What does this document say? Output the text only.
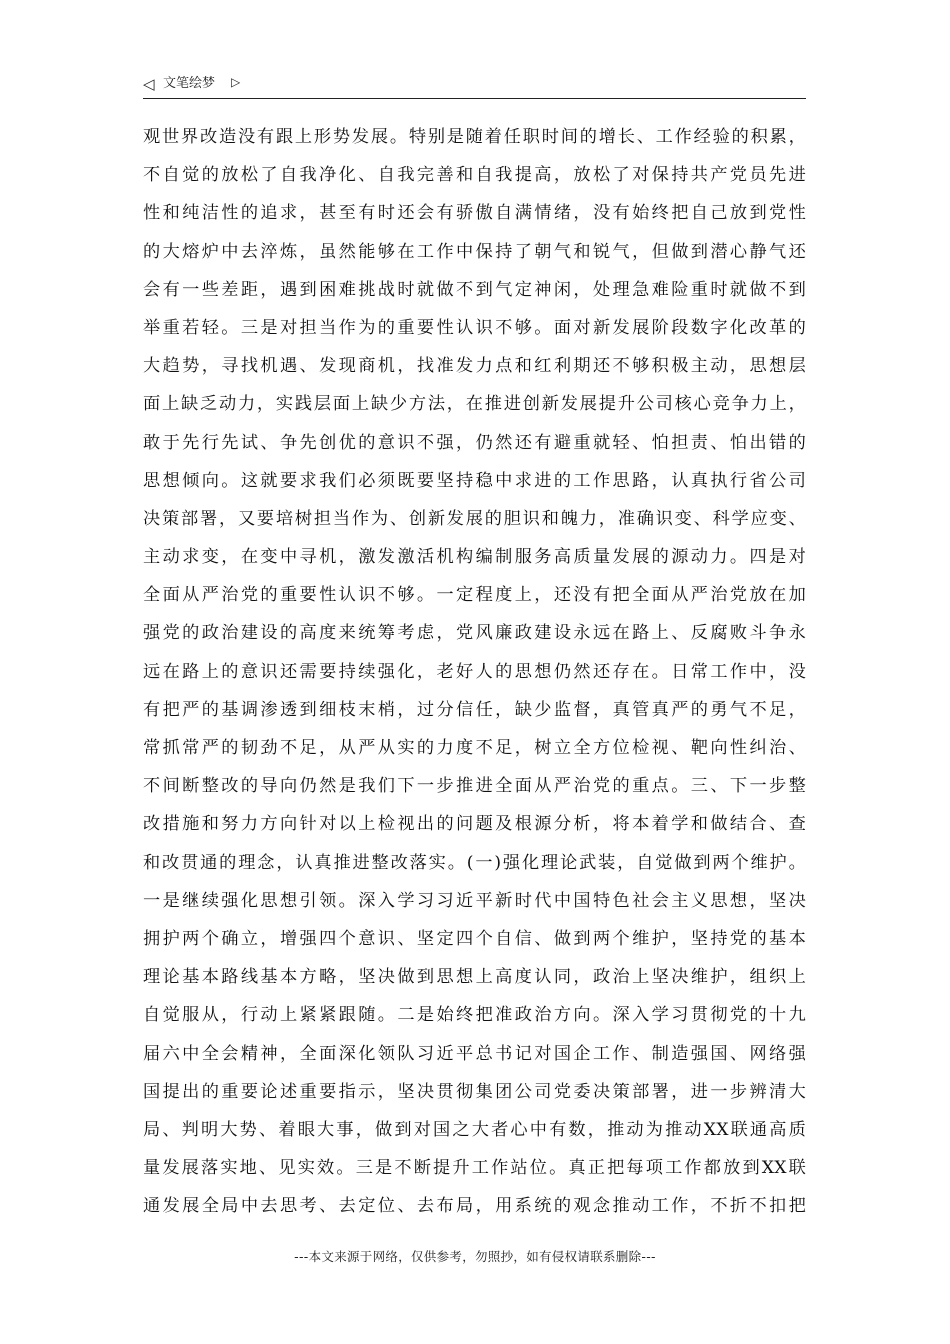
◁ 文笔绘梦 ▷
观世界改造没有跟上形势发展。特别是随着任职时间的增长、工作经验的积累，
不自觉的放松了自我净化、自我完善和自我提高，放松了对保持共产党员先进
性和纯洁性的追求，甚至有时还会有骄傲自满情绪，没有始终把自己放到党性
的大熔炉中去淬炼，虽然能够在工作中保持了朝气和锐气，但做到潜心静气还
会有一些差距，遇到困难挑战时就做不到气定神闲，处理急难险重时就做不到
举重若轻。三是对担当作为的重要性认识不够。面对新发展阶段数字化改革的
大趋势，寻找机遇、发现商机，找准发力点和红利期还不够积极主动，思想层
面上缺乏动力，实践层面上缺少方法，在推进创新发展提升公司核心竞争力上，
敢于先行先试、争先创优的意识不强，仍然还有避重就轻、怕担责、怕出错的
思想倾向。这就要求我们必须既要坚持稳中求进的工作思路，认真执行省公司
决策部署，又要培树担当作为、创新发展的胆识和魄力，准确识变、科学应变、
主动求变，在变中寻机，激发激活机构编制服务高质量发展的源动力。四是对
全面从严治党的重要性认识不够。一定程度上，还没有把全面从严治党放在加
强党的政治建设的高度来统筹考虑，党风廉政建设永远在路上、反腐败斗争永
远在路上的意识还需要持续强化，老好人的思想仍然还存在。日常工作中，没
有把严的基调渗透到细枝末梢，过分信任，缺少监督，真管真严的勇气不足，
常抓常严的韧劲不足，从严从实的力度不足，树立全方位检视、靶向性纠治、
不间断整改的导向仍然是我们下一步推进全面从严治党的重点。三、下一步整
改措施和努力方向针对以上检视出的问题及根源分析，将本着学和做结合、查
和改贯通的理念，认真推进整改落实。(一)强化理论武装，自觉做到两个维护。
一是继续强化思想引领。深入学习习近平新时代中国特色社会主义思想，坚决
拥护两个确立，增强四个意识、坚定四个自信、做到两个维护，坚持党的基本
理论基本路线基本方略，坚决做到思想上高度认同，政治上坚决维护，组织上
自觉服从，行动上紧紧跟随。二是始终把准政治方向。深入学习贯彻党的十九
届六中全会精神，全面深化领队习近平总书记对国企工作、制造强国、网络强
国提出的重要论述重要指示，坚决贯彻集团公司党委决策部署，进一步辨清大
局、判明大势、着眼大事，做到对国之大者心中有数，推动为推动XX联通高质
量发展落实地、见实效。三是不断提升工作站位。真正把每项工作都放到XX联
通发展全局中去思考、去定位、去布局，用系统的观念推动工作，不折不扣把
---本文来源于网络，仅供参考，勿照抄，如有侵权请联系删除---
